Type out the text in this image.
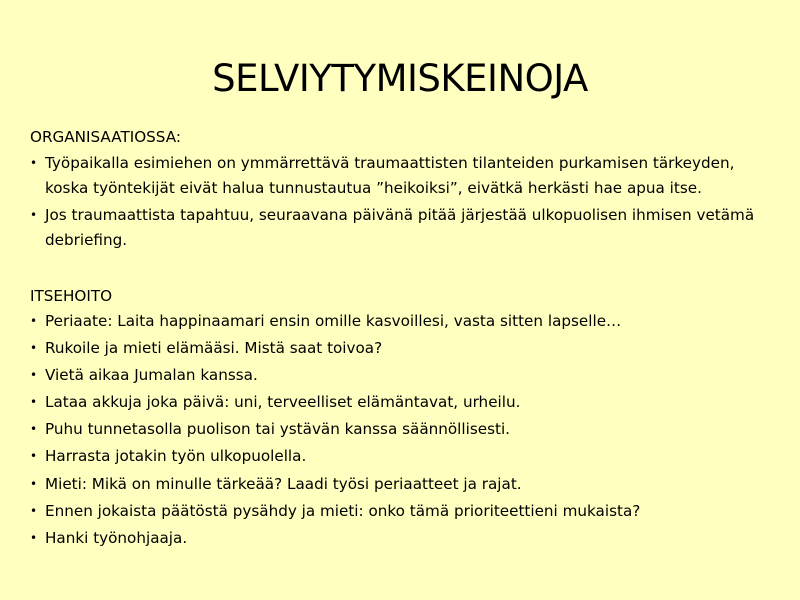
SELVIYTYMISKEINOJA
ORGANISAATIOSSA:
• Työpaikalla esimiehen on ymmärrettävä traumaattisten tilanteiden purkamisen tärkeyden, koska työntekijät eivät halua tunnustautua ”heikoiksi”, eivätkä herkästi hae apua itse.
• Jos traumaattista tapahtuu, seuraavana päivänä pitää järjestää ulkopuolisen ihmisen vetämä debriefing.
ITSEHOITO
• Periaate: Laita happinaamari ensin omille kasvoillesi, vasta sitten lapselle…
• Rukoile ja mieti elämääsi. Mistä saat toivoa?
• Vietä aikaa Jumalan kanssa.
• Lataa akkuja joka päivä: uni, terveelliset elämäntavat, urheilu.
• Puhu tunnetasolla puolison tai ystävän kanssa säännöllisesti.
• Harrasta jotakin työn ulkopuolella.
• Mieti: Mikä on minulle tärkeää? Laadi työsi periaatteet ja rajat.
• Ennen jokaista päätöstä pysähdy ja mieti: onko tämä prioriteettieni mukaista?
• Hanki työnohjaaja.
